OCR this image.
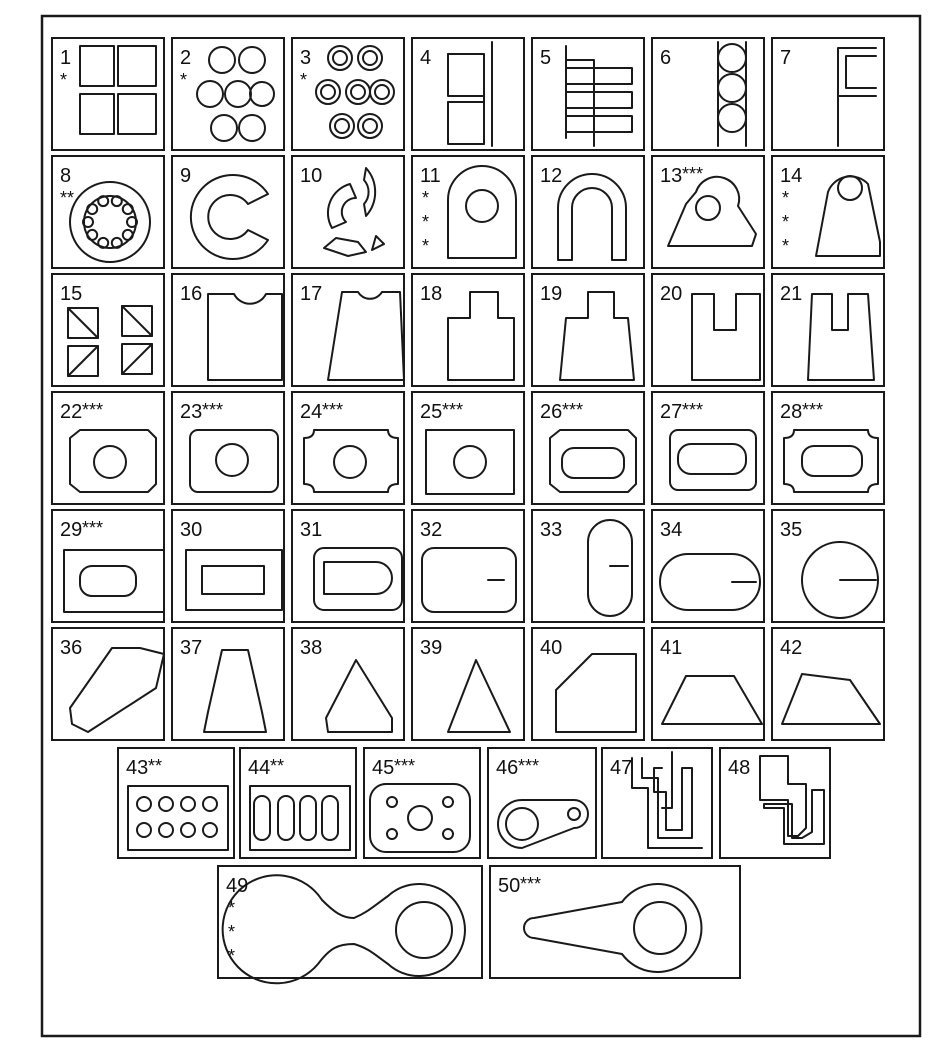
1
*
2
*
3
*
4	5	6	7
8
**
9	10	11
* * *
12	13 ***	14
* * *
15	16	17	18	19	20	21
22 ***	23 ***	24 ***	25 ***	26 ***	27 ***	28 ***
29 ***	30	31	32	33	34	35
36	37	38	39	40	41	42
43 **	44 **	45 ***	46 ***	47	48
49
* * *
50 ***
